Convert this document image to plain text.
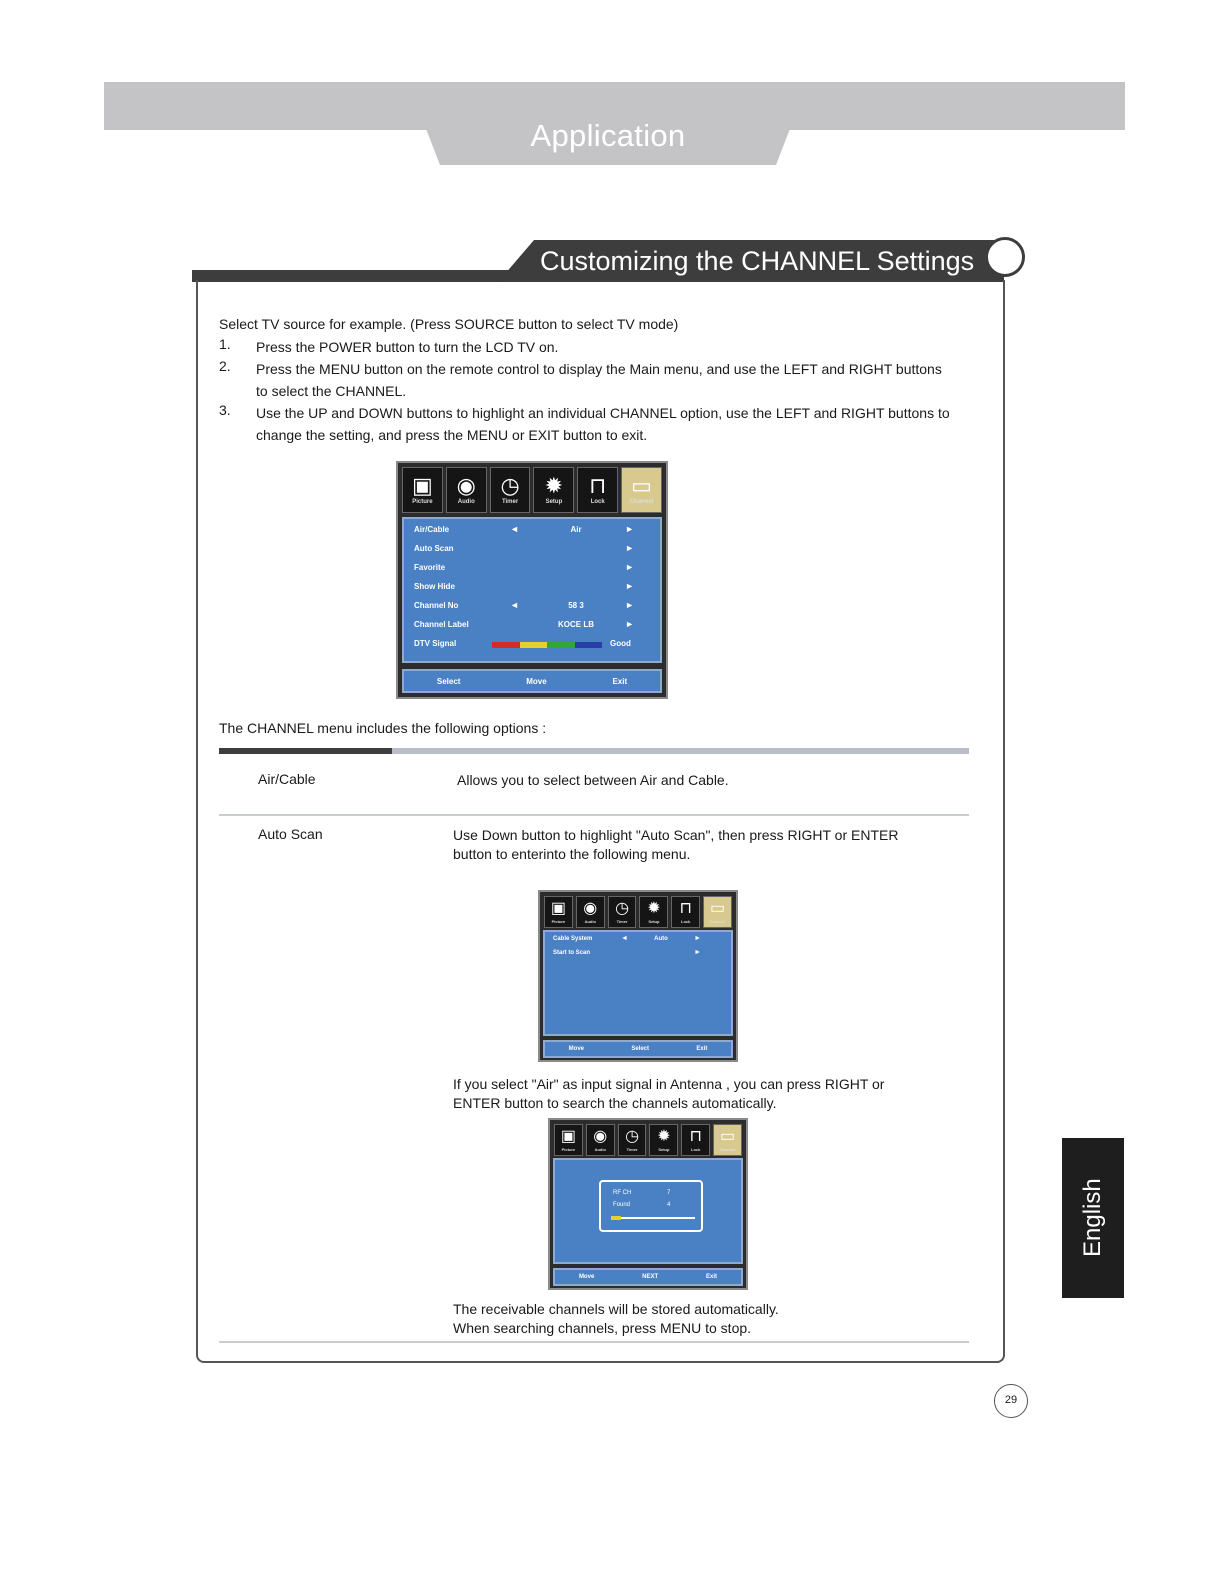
Application
Customizing the CHANNEL Settings
Select TV source for example. (Press SOURCE button to select TV mode)
1. Press the POWER button to turn the LCD TV on.
2. Press the MENU button on the remote control to display the Main menu, and use the LEFT and RIGHT buttons to select the CHANNEL.
3. Use the UP and DOWN buttons to highlight an individual CHANNEL option, use the LEFT and RIGHT buttons to change the setting, and press the MENU or EXIT button to exit.
▣
Picture
◉
Audio
◷
Timer
✹
Setup
⊓
Lock
▭
Channel
Air/Cable	◄	Air	►
Auto Scan	►
Favorite	►
Show Hide	►
Channel No	◄	58 3	►
Channel Label	KOCE LB	►
DTV Signal	Good
Select	Move	Exit
The CHANNEL menu includes the following options :
Air/Cable	Allows you to select between Air and Cable.
Auto Scan	Use Down button to highlight "Auto Scan", then press RIGHT or ENTER button to enterinto the following menu.
▣
Picture
◉
Audio
◷
Timer
✹
Setup
⊓
Lock
▭
Channel
Cable System	◄	Auto	►
Start to Scan	►
Move	Select	Exit
If you select "Air" as input signal in Antenna , you can press RIGHT or ENTER button to search the channels automatically.
▣
Picture
◉
Audio
◷
Timer
✹
Setup
⊓
Lock
▭
Channel
RF CH	7
Found	4
Move	NEXT	Exit
The receivable channels will be stored automatically.
When searching channels, press MENU to stop.
English
29
